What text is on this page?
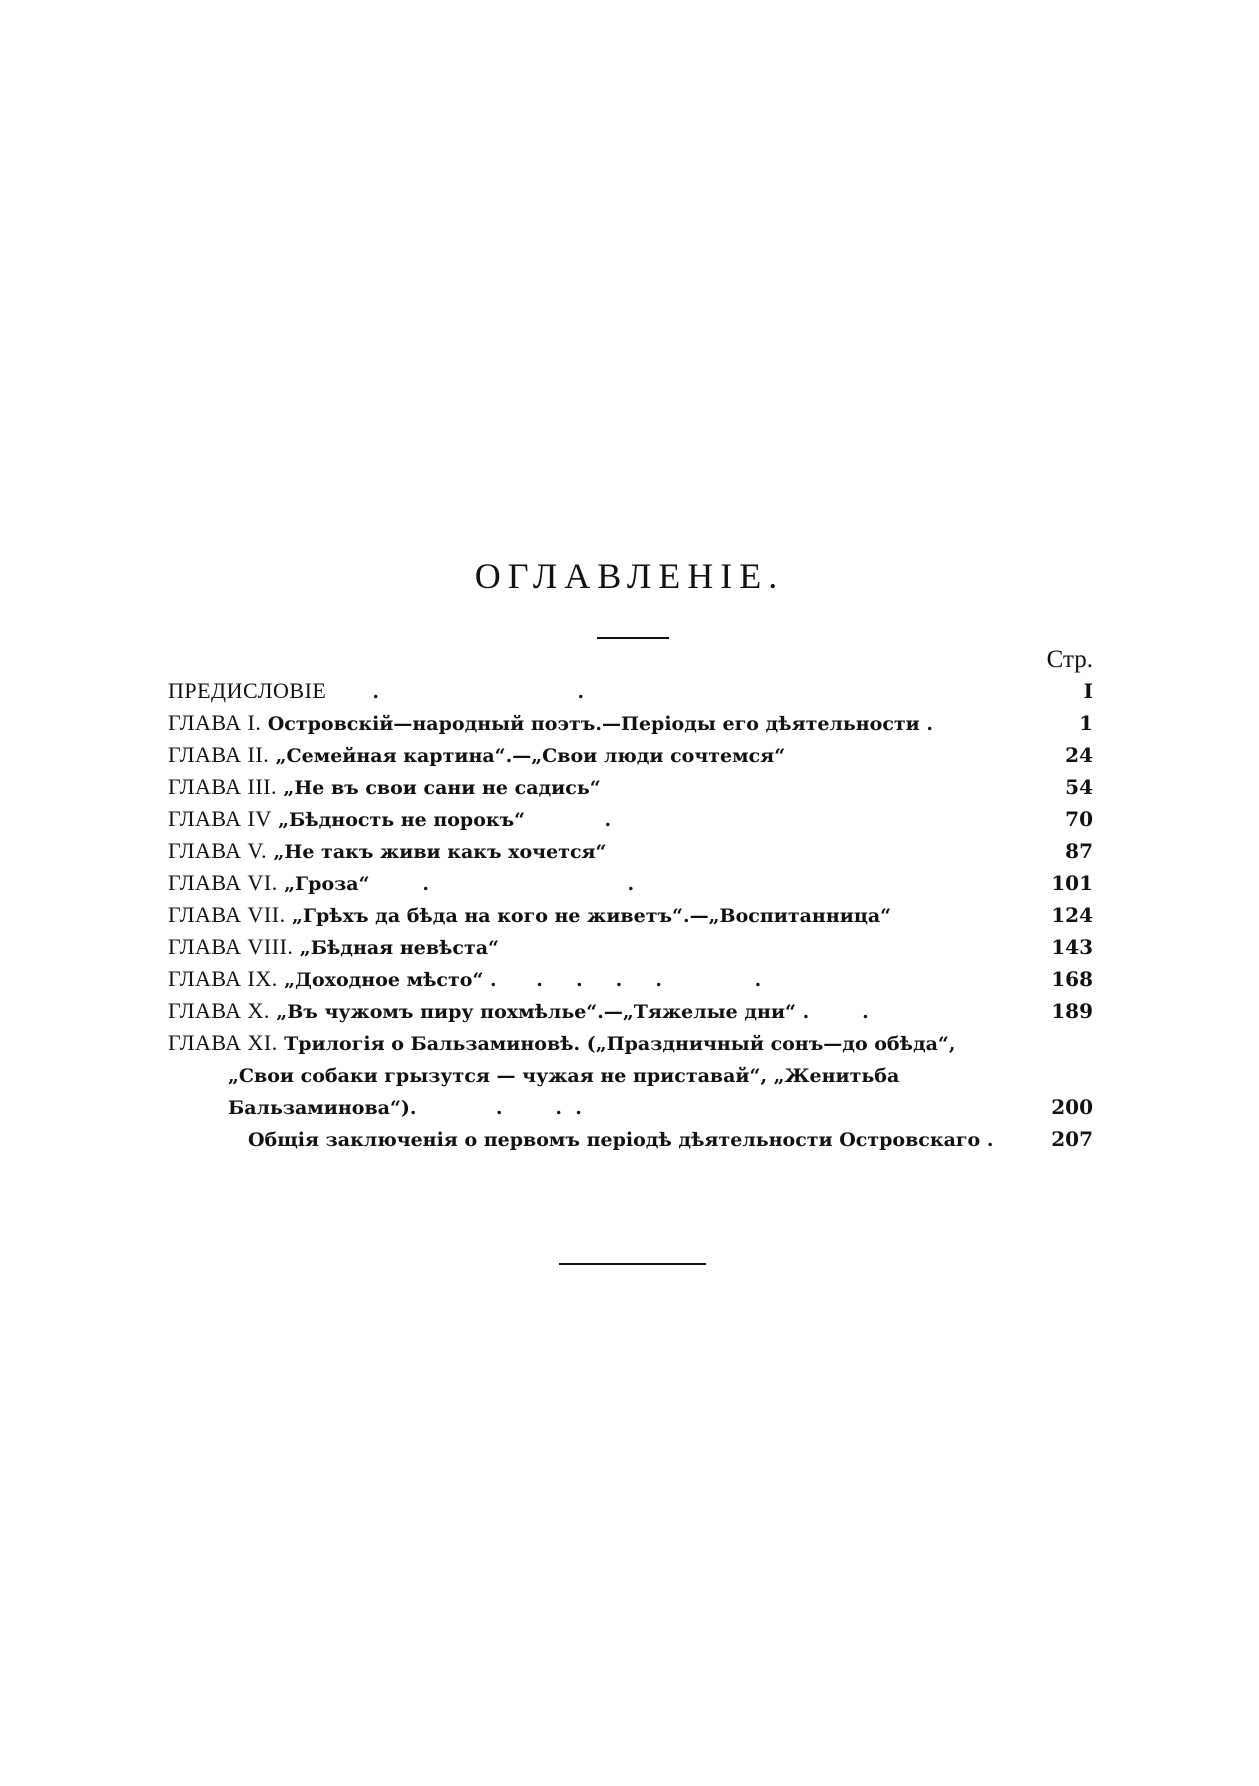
ОГЛАВЛЕНІЕ.
Стр.
ПРЕДИСЛОВІЕ       .                              .	I
ГЛАВА I. Островскій—народный поэтъ.—Періоды его дѣятельности .	1
ГЛАВА II. „Семейная картина“.—„Свои люди сочтемся“	24
ГЛАВА III. „Не въ свои сани не садись“	54
ГЛАВА IV „Бѣдность не порокъ“            .	70
ГЛАВА V. „Не такъ живи какъ хочется“	87
ГЛАВА VI. „Гроза“        .                              .	101
ГЛАВА VII. „Грѣхъ да бѣда на кого не живетъ“.—„Воспитанница“	124
ГЛАВА VIII. „Бѣдная невѣста“	143
ГЛАВА IX. „Доходное мѣсто“ .      .     .     .     .              .	168
ГЛАВА X. „Въ чужомъ пиру похмѣлье“.—„Тяжелые дни“ .        .	189
ГЛАВА XI. Трилогія о Бальзаминовѣ. („Праздничный сонъ—до обѣда“,
„Свои собаки грызутся — чужая не приставай“, „Женитьба
Бальзаминова“).            .        .  .	200
Общія заключенія о первомъ періодѣ дѣятельности Островскаго .	207
